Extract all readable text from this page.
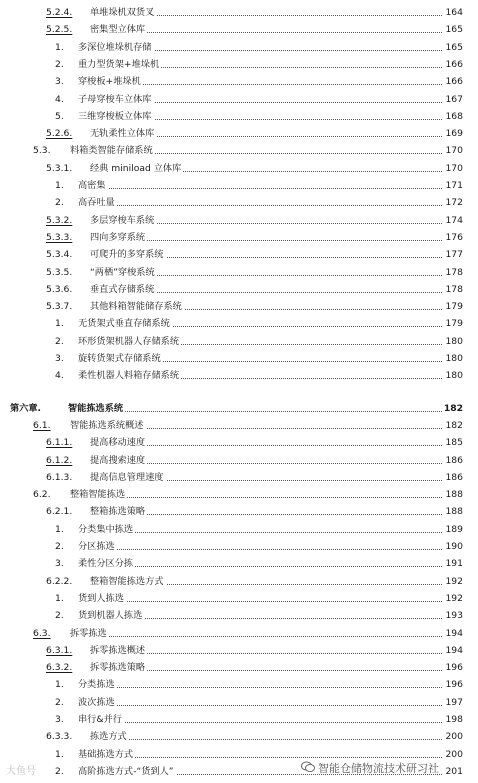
5.2.4. 单堆垛机双货叉	164
5.2.5. 密集型立体库	165
1. 多深位堆垛机存储	165
2. 重力型货架+堆垛机	166
3. 穿梭板+堆垛机	166
4. 子母穿梭车立体库	167
5. 三维穿梭板立体库	168
5.2.6. 无轨柔性立体库	169
5.3. 料箱类智能存储系统	170
5.3.1. 经典 miniload 立体库	170
1. 高密集	171
2. 高吞吐量	172
5.3.2. 多层穿梭车系统	174
5.3.3. 四向多穿系统	176
5.3.4. 可爬升的多穿系统	177
5.3.5. “两栖”穿梭系统	178
5.3.6. 垂直式存储系统	178
5.3.7. 其他料箱智能储存系统	179
1. 无货架式垂直存储系统	179
2. 环形货架机器人存储系统	180
3. 旋转货架式存储系统	180
4. 柔性机器人料箱存储系统	180
第六章.	智能拣选系统	182
6.1. 智能拣选系统概述	182
6.1.1. 提高移动速度	185
6.1.2. 提高搜索速度	186
6.1.3. 提高信息管理速度	186
6.2. 整箱智能拣选	188
6.2.1. 整箱拣选策略	188
1. 分类集中拣选	189
2. 分区拣选	190
3. 柔性分区分拣	191
6.2.2. 整箱智能拣选方式	192
1. 货到人拣选	192
2. 货到机器人拣选	193
6.3. 拆零拣选	194
6.3.1. 拆零拣选概述	194
6.3.2. 拆零拣选策略	196
1. 分类拣选	196
2. 波次拣选	197
3. 串行&并行	198
6.3.3. 拣选方式	200
1. 基础拣选方式	200
2. 高阶拣选方式-“货到人”	201
大鱼号	智能仓储物流技术研习社
